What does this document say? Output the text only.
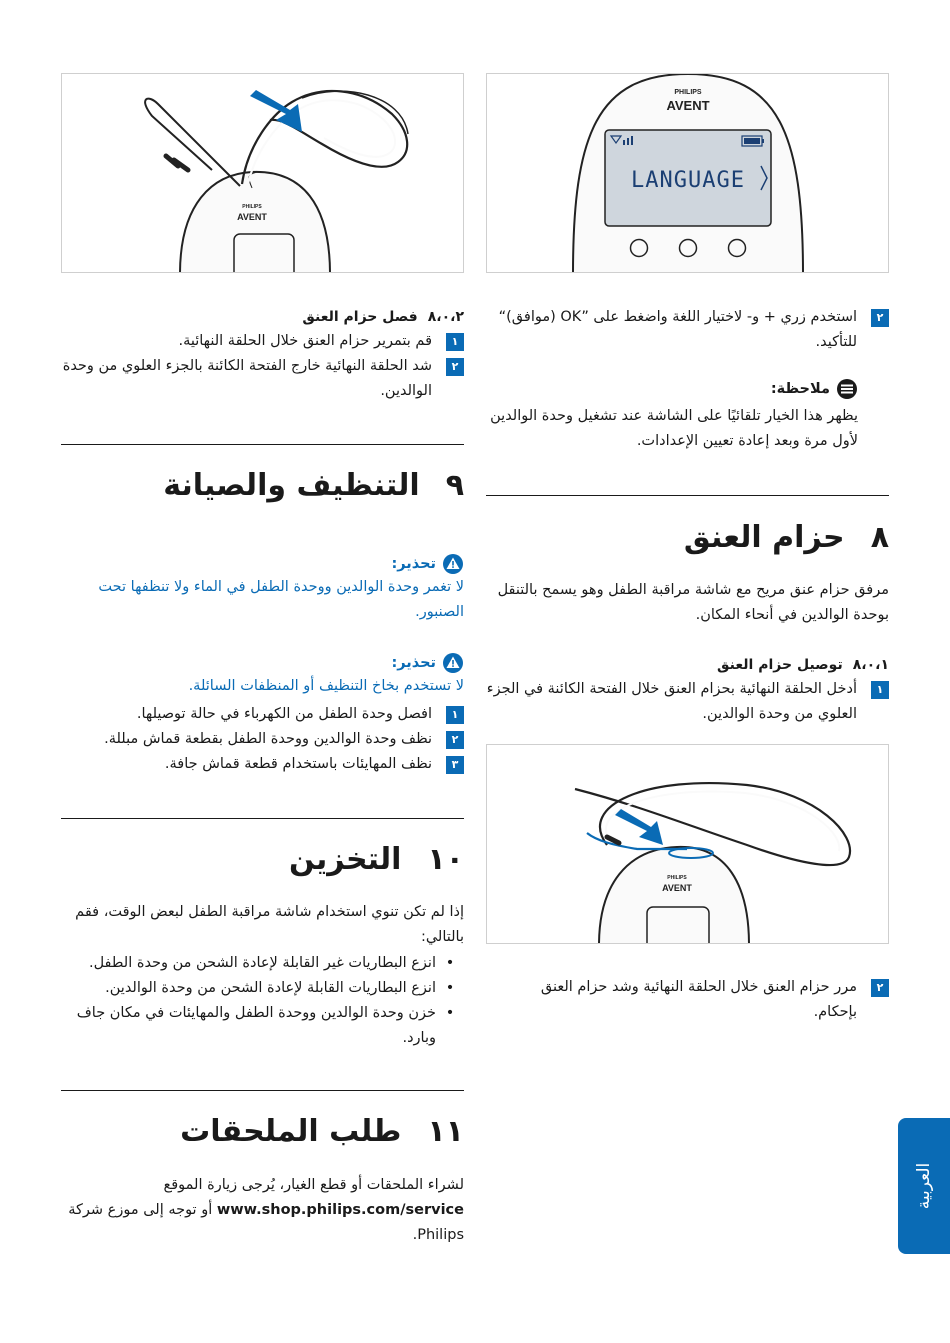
PHILIPS
AVENT
LANGUAGE
PHILIPS
AVENT
PHILIPS
AVENT
٢
استخدم زري + و- لاختيار اللغة واضغط على ”OK (موافق)“ للتأكيد.
ملاحظة:
يظهر هذا الخيار تلقائيًا على الشاشة عند تشغيل وحدة الوالدين لأول مرة وبعد إعادة تعيين الإعدادات.
٨حزام العنق
مرفق حزام عنق مريح مع شاشة مراقبة الطفل وهو يسمح بالتنقل بوحدة الوالدين في أنحاء المكان.
٨،٠،١توصيل حزام العنق
١
أدخل الحلقة النهائية بحزام العنق خلال الفتحة الكائنة في الجزء العلوي من وحدة الوالدين.
٢
مرر حزام العنق خلال الحلقة النهائية وشد حزام العنق بإحكام.
٨،٠،٢فصل حزام العنق
١
قم بتمرير حزام العنق خلال الحلقة النهائية.
٢
شد الحلقة النهائية خارج الفتحة الكائنة بالجزء العلوي من وحدة الوالدين.
٩التنظيف والصيانة
تحذير:
لا تغمر وحدة الوالدين ووحدة الطفل في الماء ولا تنظفها تحت الصنبور.
تحذير:
لا تستخدم بخاخ التنظيف أو المنظفات السائلة.
١
افصل وحدة الطفل من الكهرباء في حالة توصيلها.
٢
نظف وحدة الوالدين ووحدة الطفل بقطعة قماش مبللة.
٣
نظف المهايئات باستخدام قطعة قماش جافة.
١٠التخزين
إذا لم تكن تنوي استخدام شاشة مراقبة الطفل لبعض الوقت، فقم بالتالي:
•
انزع البطاريات غير القابلة لإعادة الشحن من وحدة الطفل.
•
انزع البطاريات القابلة لإعادة الشحن من وحدة الوالدين.
•
خزن وحدة الوالدين ووحدة الطفل والمهايئات في مكان جاف وبارد.
١١طلب الملحقات
لشراء الملحقات أو قطع الغيار، يُرجى زيارة الموقع www.shop.philips.com/service أو توجه إلى موزع شركة Philips.
العربية
